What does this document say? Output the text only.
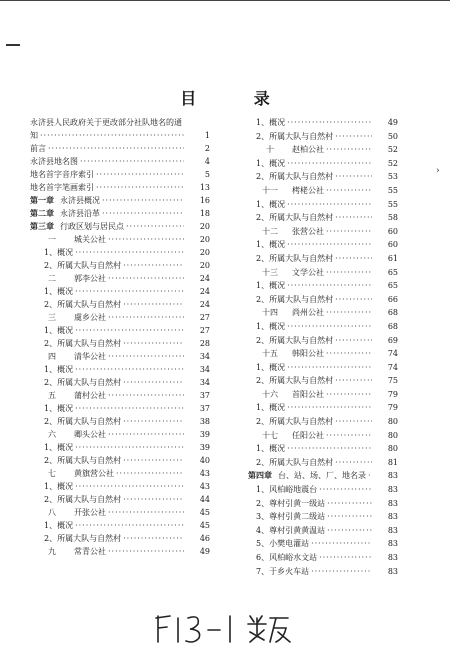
›
目 录
永济县人民政府关于更改部分社队地名的通
知 ·····	1
前言 ·····	2
永济县地名图 ·····	4
地名首字音序索引 ·····	5
地名首字笔画索引 ·····	13
第一章 永济县概况 ·····	16
第二章 永济县沿革 ·····	18
第三章 行政区划与居民点 ·····	20
一 城关公社 ·····	20
1、概况 ·····	20
2、所属大队与自然村 ·····	20
二 郭李公社 ·····	24
1、概况 ·····	24
2、所属大队与自然村 ·····	24
三 虞乡公社 ·····	27
1、概况 ·····	27
2、所属大队与自然村 ·····	28
四 清华公社 ·····	34
1、概况 ·····	34
2、所属大队与自然村 ·····	34
五 蒲村公社 ·····	37
1、概况 ·····	37
2、所属大队与自然村 ·····	38
六 卿头公社 ·····	39
1、概况 ·····	39
2、所属大队与自然村 ·····	40
七 黄旗营公社 ·····	43
1、概况 ·····	43
2、所属大队与自然村 ·····	44
八 开张公社 ·····	45
1、概况 ·····	45
2、所属大队与自然村 ·····	46
九 常青公社 ·····	49
1、概况 ·····	49
2、所属大队与自然村 ·····	50
十 赵柏公社 ·····	52
1、概况 ·····	52
2、所属大队与自然村 ·····	53
十一 栲栳公社 ·····	55
1、概况 ·····	55
2、所属大队与自然村 ·····	58
十二 张营公社 ·····	60
1、概况 ·····	60
2、所属大队与自然村 ·····	61
十三 文学公社 ·····	65
1、概况 ·····	65
2、所属大队与自然村 ·····	66
十四 尚州公社 ·····	68
1、概况 ·····	68
2、所属大队与自然村 ·····	69
十五 韩阳公社 ·····	74
1、概况 ·····	74
2、所属大队与自然村 ·····	75
十六 首阳公社 ·····	79
1、概况 ·····	79
2、所属大队与自然村 ·····	80
十七 任阳公社 ·····	80
1、概况 ·····	80
2、所属大队与自然村 ·····	81
第四章 台、站、场、厂、地名录 ·····	83
1、风柏峪地震台 ·····	83
2、尊村引黄一级站 ·····	83
3、尊村引黄二级站 ·····	83
4、尊村引黄黄温站 ·····	83
5、小樊电灌站 ·····	83
6、风柏峪水文站 ·····	83
7、于乡火车站 ·····	83
